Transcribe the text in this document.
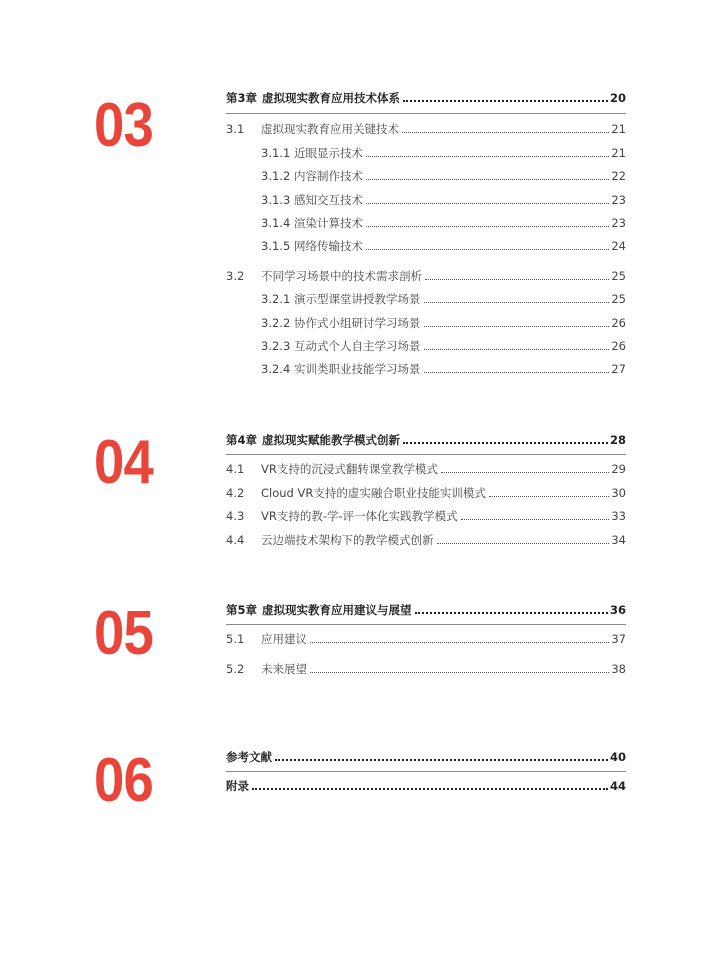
03	第3章 虚拟现实教育应用技术体系	20
3.1	虚拟现实教育应用关键技术	21
3.1.1 近眼显示技术	21
3.1.2 内容制作技术	22
3.1.3 感知交互技术	23
3.1.4 渲染计算技术	23
3.1.5 网络传输技术	24
3.2	不同学习场景中的技术需求剖析	25
3.2.1 演示型课堂讲授教学场景	25
3.2.2 协作式小组研讨学习场景	26
3.2.3 互动式个人自主学习场景	26
3.2.4 实训类职业技能学习场景	27
04	第4章 虚拟现实赋能教学模式创新	28
4.1	VR支持的沉浸式翻转课堂教学模式	29
4.2	Cloud VR支持的虚实融合职业技能实训模式	30
4.3	VR支持的教-学-评一体化实践教学模式	33
4.4	云边端技术架构下的教学模式创新	34
05	第5章 虚拟现实教育应用建议与展望	36
5.1	应用建议	37
5.2	未来展望	38
06	参考文献	40
附录	44
